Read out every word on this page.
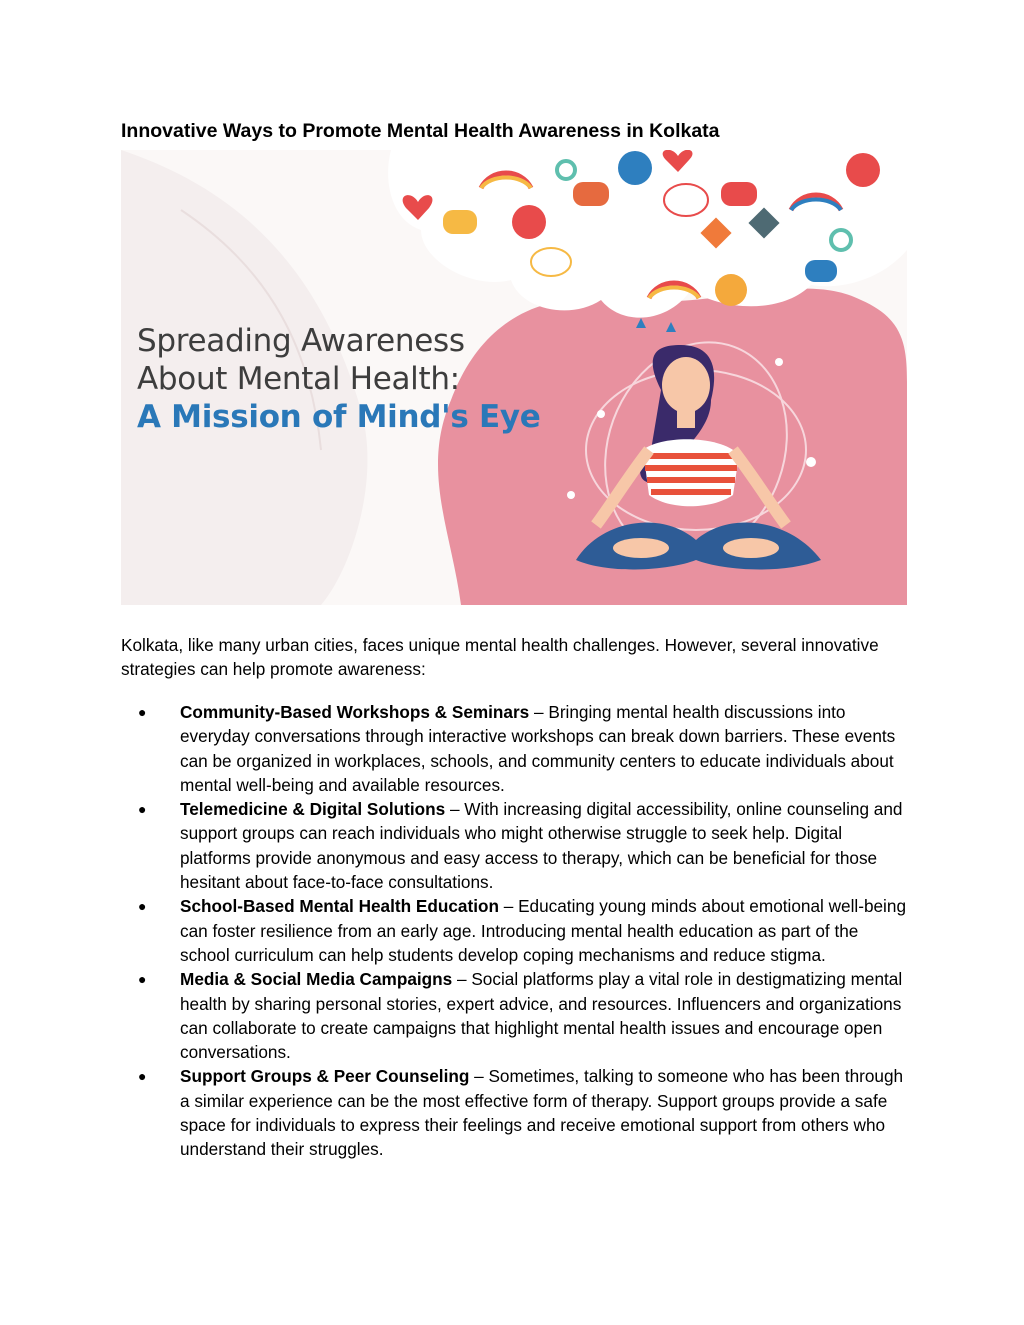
Innovative Ways to Promote Mental Health Awareness in Kolkata
Spreading Awareness
About Mental Health:
A Mission of Mind's Eye

Kolkata, like many urban cities, faces unique mental health challenges. However, several innovative strategies can help promote awareness:

● Community-Based Workshops & Seminars – Bringing mental health discussions into everyday conversations through interactive workshops can break down barriers. These events can be organized in workplaces, schools, and community centers to educate individuals about mental well-being and available resources.
● Telemedicine & Digital Solutions – With increasing digital accessibility, online counseling and support groups can reach individuals who might otherwise struggle to seek help. Digital platforms provide anonymous and easy access to therapy, which can be beneficial for those hesitant about face-to-face consultations.
● School-Based Mental Health Education – Educating young minds about emotional well-being can foster resilience from an early age. Introducing mental health education as part of the school curriculum can help students develop coping mechanisms and reduce stigma.
● Media & Social Media Campaigns – Social platforms play a vital role in destigmatizing mental health by sharing personal stories, expert advice, and resources. Influencers and organizations can collaborate to create campaigns that highlight mental health issues and encourage open conversations.
● Support Groups & Peer Counseling – Sometimes, talking to someone who has been through a similar experience can be the most effective form of therapy. Support groups provide a safe space for individuals to express their feelings and receive emotional support from others who understand their struggles.
